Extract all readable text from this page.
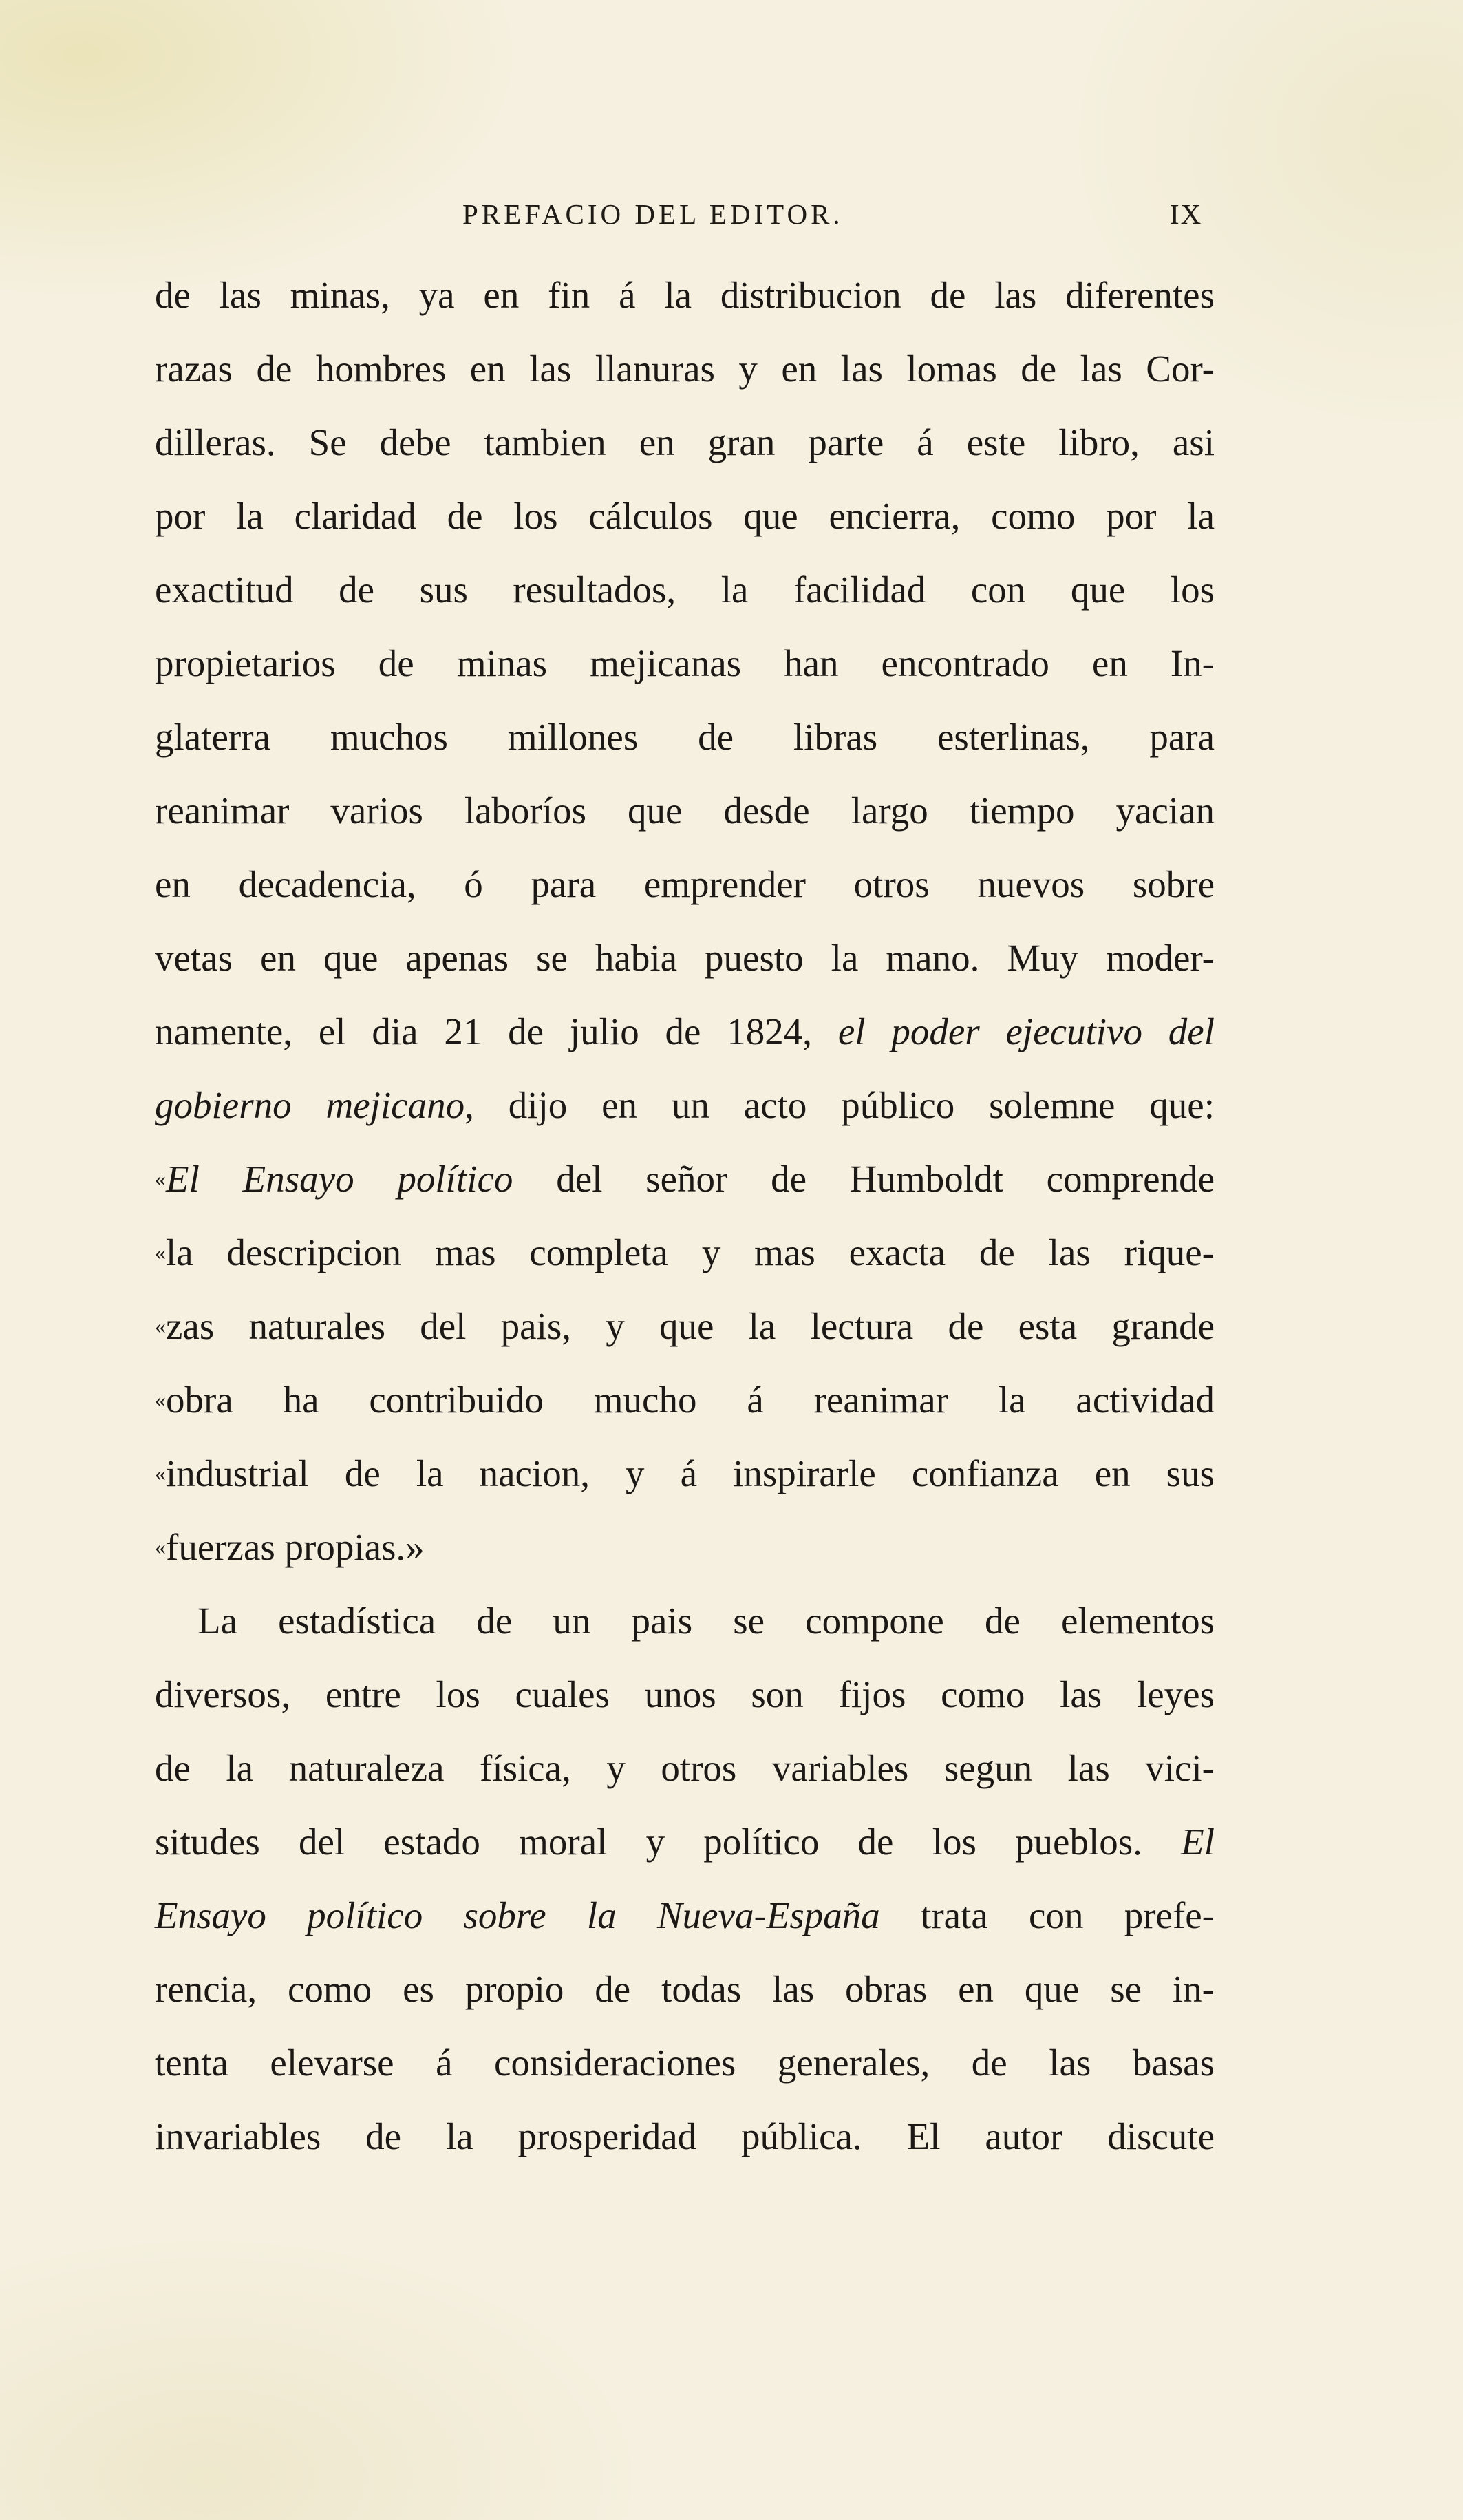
PREFACIO DEL EDITOR.	IX
de las minas, ya en fin á la distribucion de las diferentes
razas de hombres en las llanuras y en las lomas de las Cor-
dilleras. Se debe tambien en gran parte á este libro, asi
por la claridad de los cálculos que encierra, como por la
exactitud de sus resultados, la facilidad con que los
propietarios de minas mejicanas han encontrado en In-
glaterra muchos millones de libras esterlinas, para
reanimar varios laboríos que desde largo tiempo yacian
en decadencia, ó para emprender otros nuevos sobre
vetas en que apenas se habia puesto la mano. Muy moder-
namente, el dia 21 de julio de 1824, el poder ejecutivo del
gobierno mejicano, dijo en un acto público solemne que:
«El Ensayo político del señor de Humboldt comprende
«la descripcion mas completa y mas exacta de las rique-
«zas naturales del pais, y que la lectura de esta grande
«obra ha contribuido mucho á reanimar la actividad
«industrial de la nacion, y á inspirarle confianza en sus
«fuerzas propias.»
La estadística de un pais se compone de elementos
diversos, entre los cuales unos son fijos como las leyes
de la naturaleza física, y otros variables segun las vici-
situdes del estado moral y político de los pueblos. El
Ensayo político sobre la Nueva-España trata con prefe-
rencia, como es propio de todas las obras en que se in-
tenta elevarse á consideraciones generales, de las basas
invariables de la prosperidad pública. El autor discute
